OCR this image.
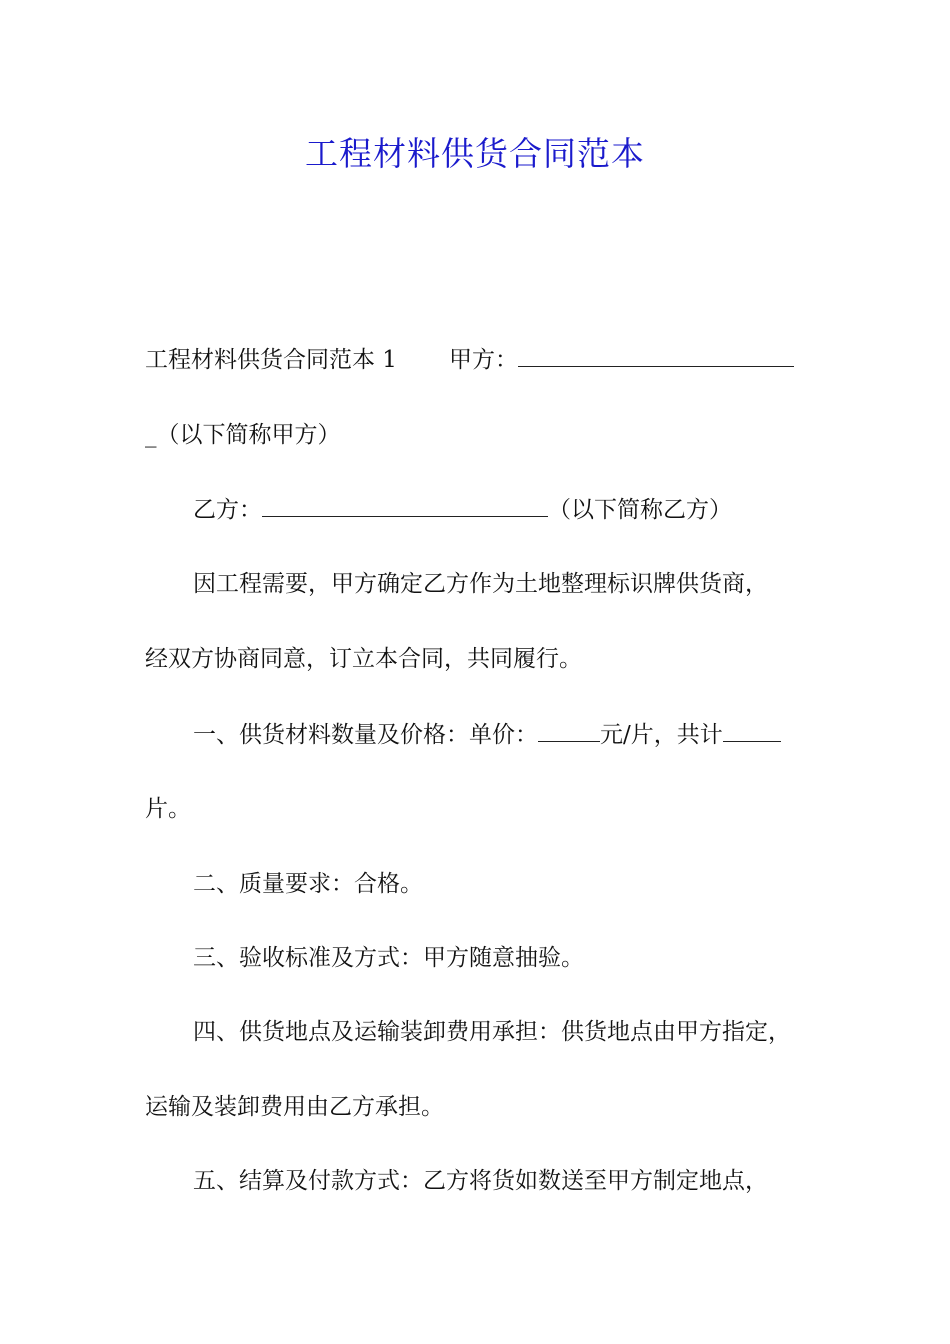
工程材料供货合同范本

工程材料供货合同范本 1 甲方：

_（以下简称甲方）

乙方：	（以下简称乙方）

因工程需要，甲方确定乙方作为土地整理标识牌供货商，

经双方协商同意，订立本合同，共同履行。

一、供货材料数量及价格：单价：	元/片，共计

片。

二、质量要求：合格。

三、验收标准及方式：甲方随意抽验。

四、供货地点及运输装卸费用承担：供货地点由甲方指定，

运输及装卸费用由乙方承担。

五、结算及付款方式：乙方将货如数送至甲方制定地点，
